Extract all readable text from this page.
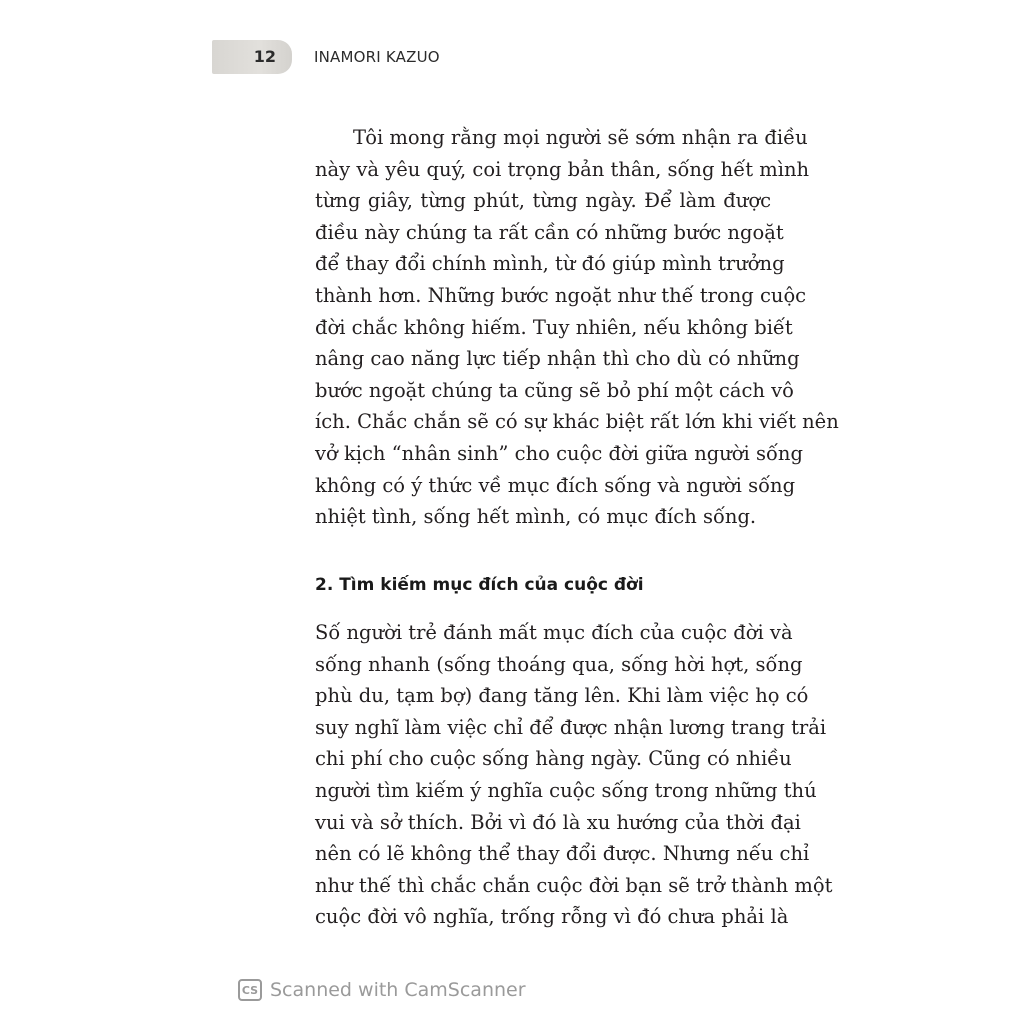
12	INAMORI KAZUO
Tôi mong rằng mọi người sẽ sớm nhận ra điều
này và yêu quý, coi trọng bản thân, sống hết mình
từng giây, từng phút, từng ngày. Để làm được
điều này chúng ta rất cần có những bước ngoặt
để thay đổi chính mình, từ đó giúp mình trưởng
thành hơn. Những bước ngoặt như thế trong cuộc
đời chắc không hiếm. Tuy nhiên, nếu không biết
nâng cao năng lực tiếp nhận thì cho dù có những
bước ngoặt chúng ta cũng sẽ bỏ phí một cách vô
ích. Chắc chắn sẽ có sự khác biệt rất lớn khi viết nên
vở kịch “nhân sinh” cho cuộc đời giữa người sống
không có ý thức về mục đích sống và người sống
nhiệt tình, sống hết mình, có mục đích sống.
2. Tìm kiếm mục đích của cuộc đời
Số người trẻ đánh mất mục đích của cuộc đời và
sống nhanh (sống thoáng qua, sống hời hợt, sống
phù du, tạm bợ) đang tăng lên. Khi làm việc họ có
suy nghĩ làm việc chỉ để được nhận lương trang trải
chi phí cho cuộc sống hàng ngày. Cũng có nhiều
người tìm kiếm ý nghĩa cuộc sống trong những thú
vui và sở thích. Bởi vì đó là xu hướng của thời đại
nên có lẽ không thể thay đổi được. Nhưng nếu chỉ
như thế thì chắc chắn cuộc đời bạn sẽ trở thành một
cuộc đời vô nghĩa, trống rỗng vì đó chưa phải là
CS Scanned with CamScanner
